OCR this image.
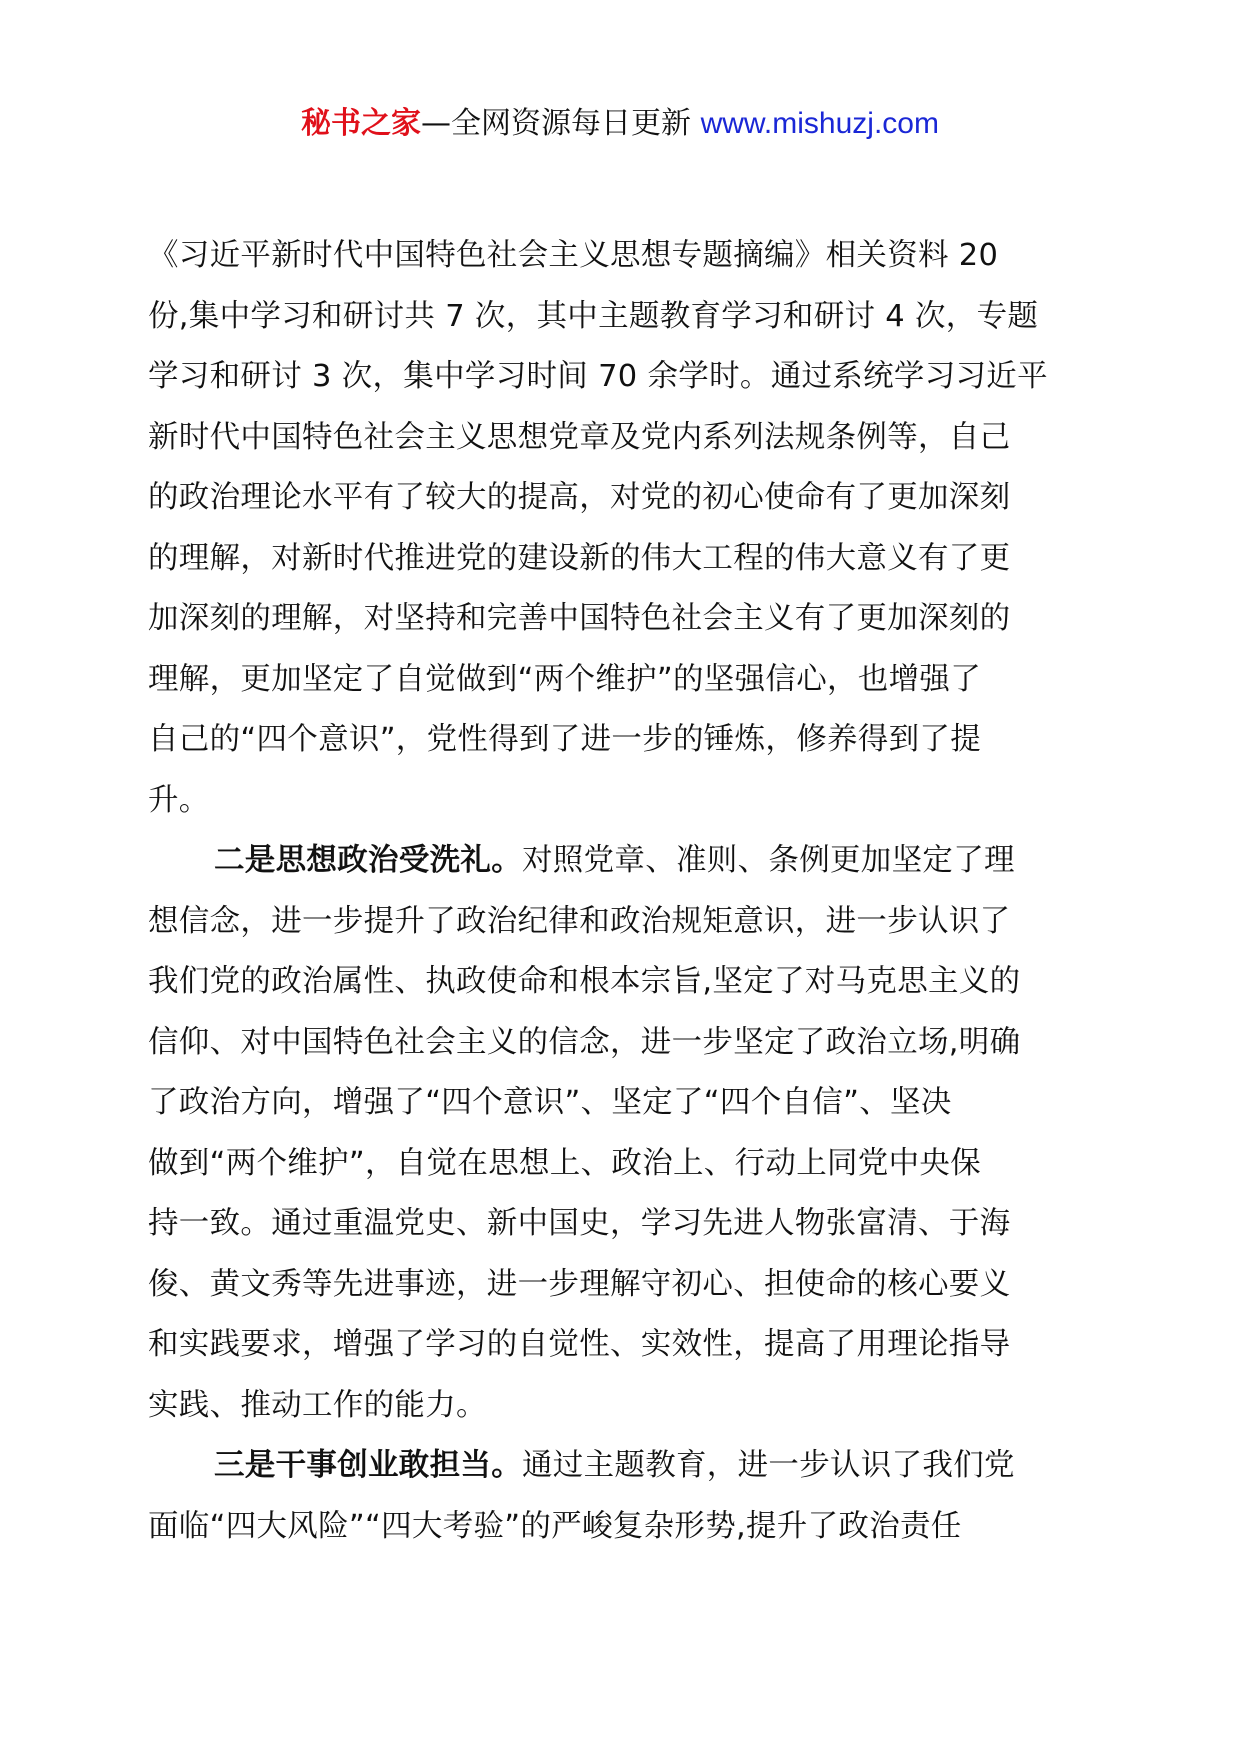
秘书之家—全网资源每日更新 www.mishuzj.com
《习近平新时代中国特色社会主义思想专题摘编》相关资料 20
份,集中学习和研讨共 7 次，其中主题教育学习和研讨 4 次，专题
学习和研讨 3 次，集中学习时间 70 余学时。通过系统学习习近平
新时代中国特色社会主义思想党章及党内系列法规条例等，自己
的政治理论水平有了较大的提高，对党的初心使命有了更加深刻
的理解，对新时代推进党的建设新的伟大工程的伟大意义有了更
加深刻的理解，对坚持和完善中国特色社会主义有了更加深刻的
理解，更加坚定了自觉做到“两个维护”的坚强信心，也增强了
自己的“四个意识”，党性得到了进一步的锤炼，修养得到了提
升。
二是思想政治受洗礼。对照党章、准则、条例更加坚定了理
想信念，进一步提升了政治纪律和政治规矩意识，进一步认识了
我们党的政治属性、执政使命和根本宗旨,坚定了对马克思主义的
信仰、对中国特色社会主义的信念，进一步坚定了政治立场,明确
了政治方向，增强了“四个意识”、坚定了“四个自信”、坚决
做到“两个维护”，自觉在思想上、政治上、行动上同党中央保
持一致。通过重温党史、新中国史，学习先进人物张富清、于海
俊、黄文秀等先进事迹，进一步理解守初心、担使命的核心要义
和实践要求，增强了学习的自觉性、实效性，提高了用理论指导
实践、推动工作的能力。
三是干事创业敢担当。通过主题教育，进一步认识了我们党
面临“四大风险”“四大考验”的严峻复杂形势,提升了政治责任
